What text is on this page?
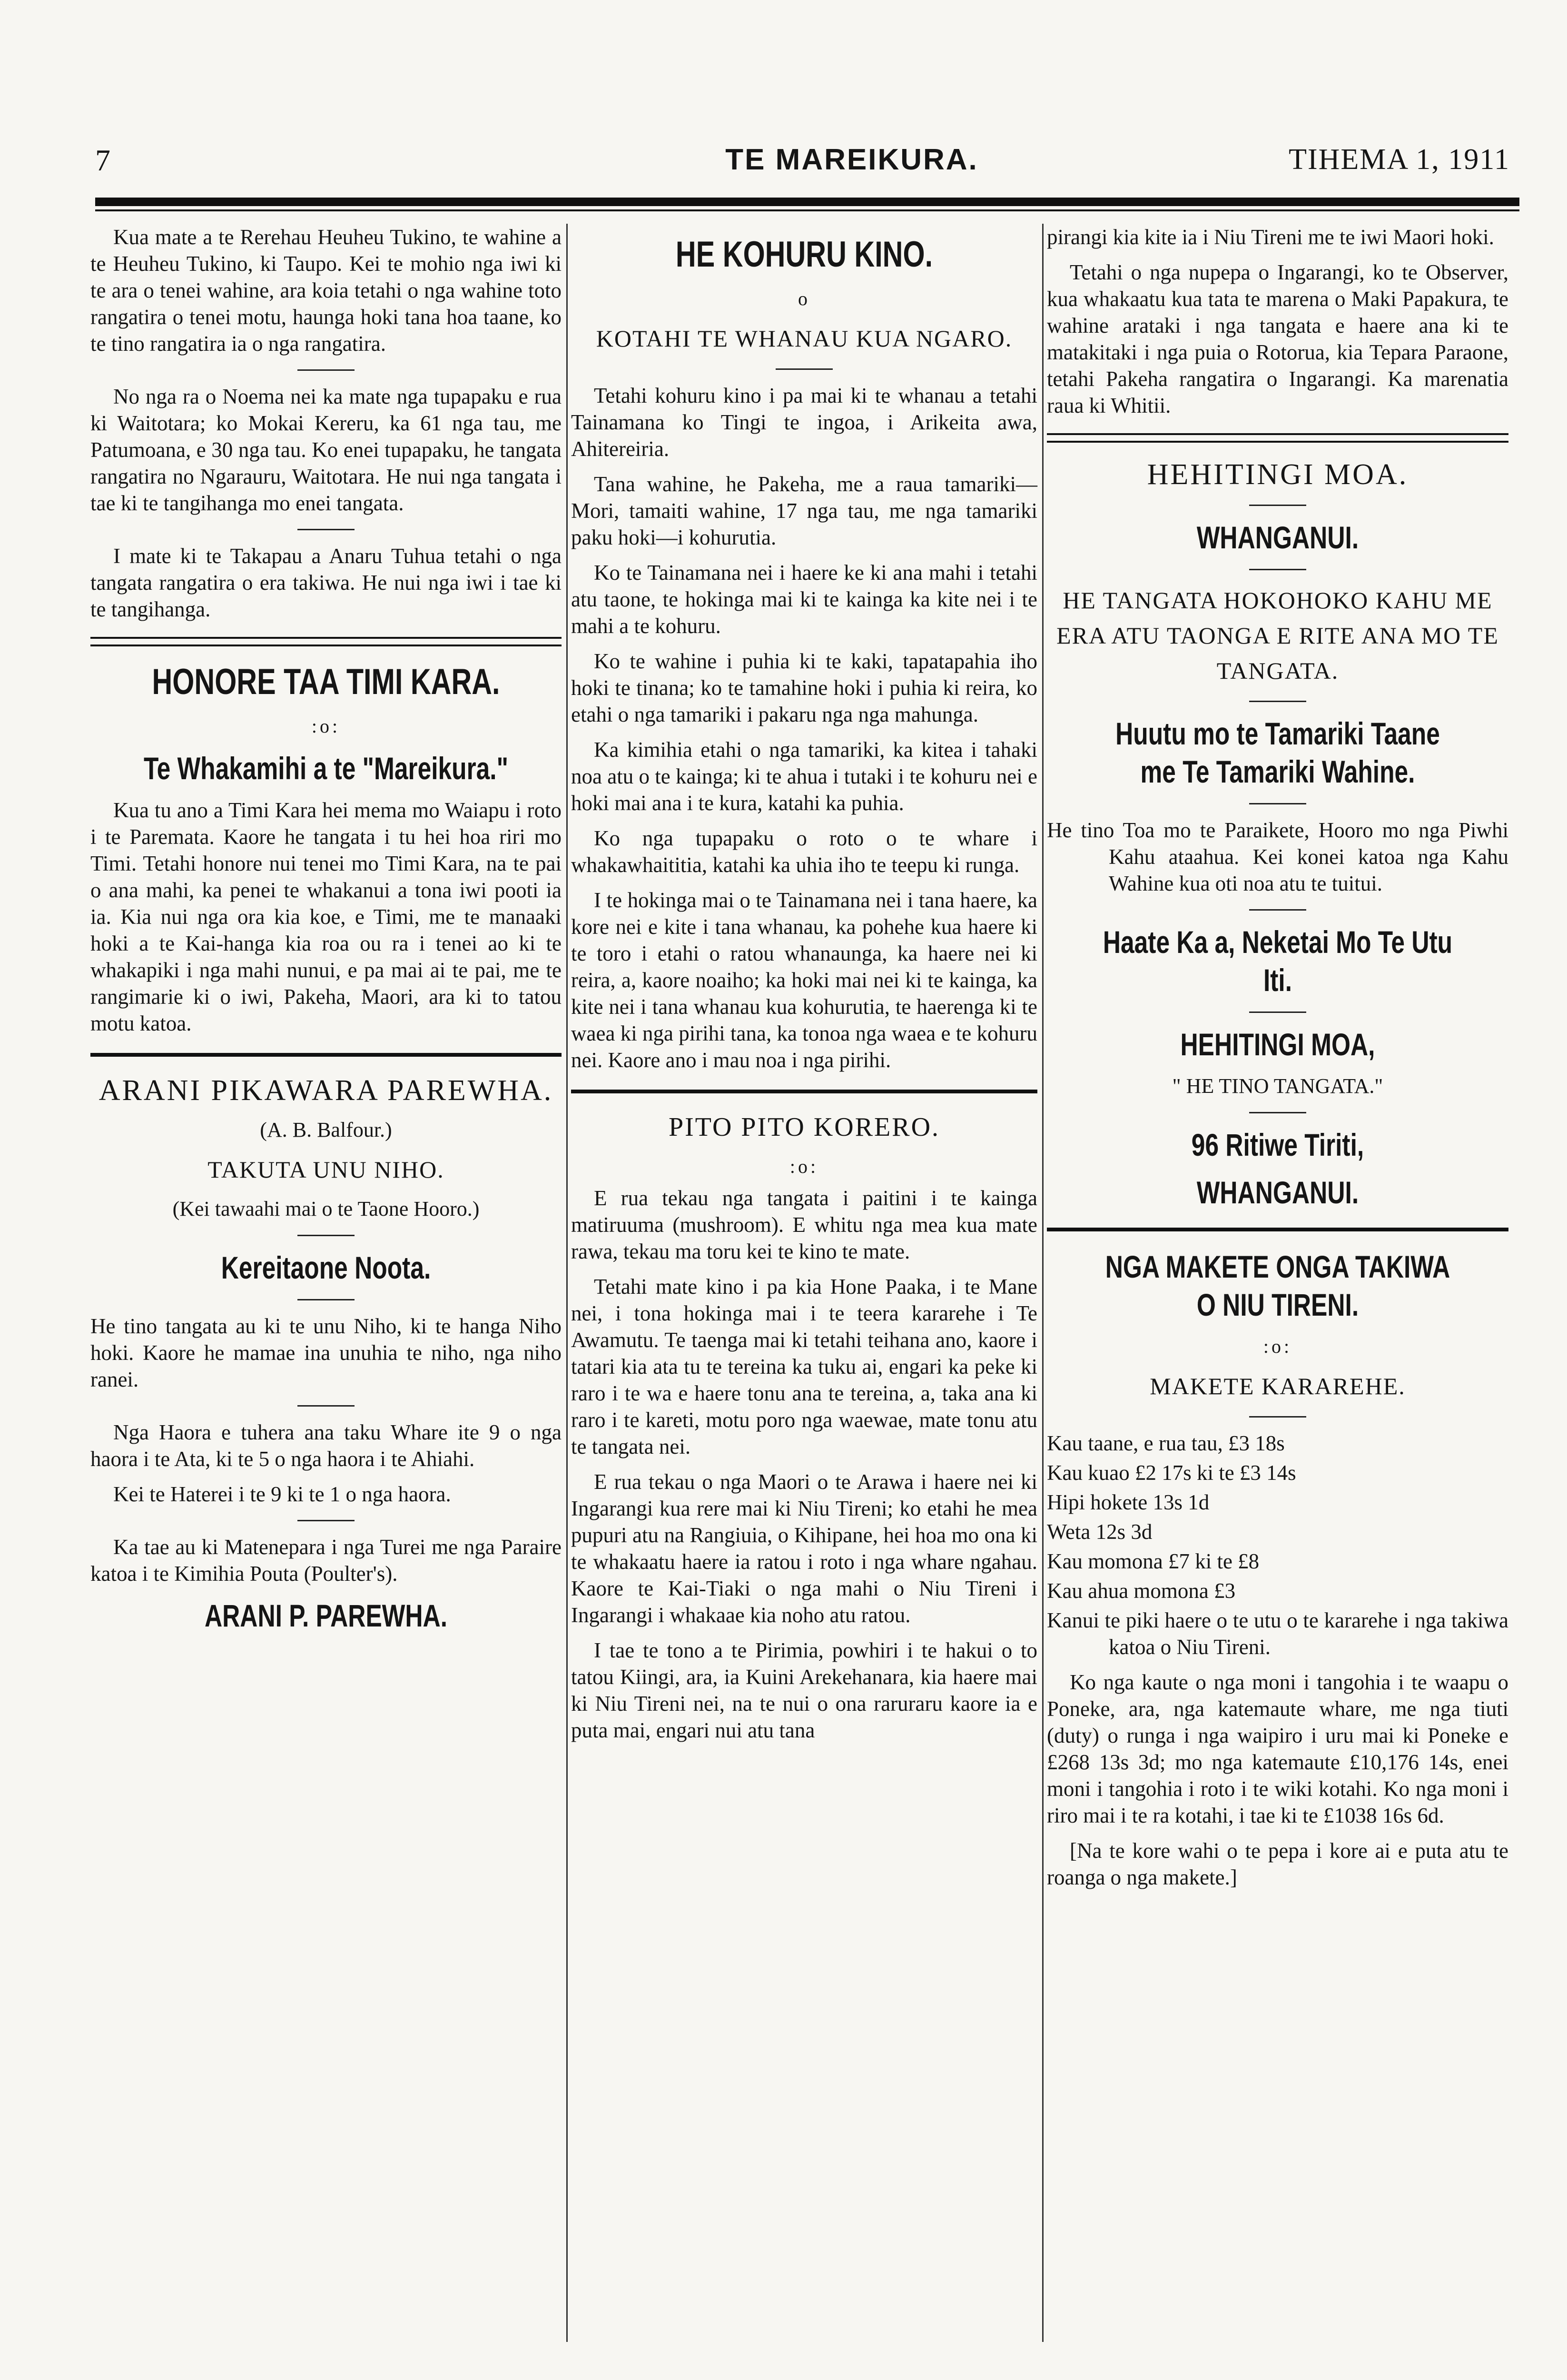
7	TE MAREIKURA.	TIHEMA 1, 1911

Kua mate a te Rerehau Heuheu Tukino, te wahine a te Heuheu Tukino, ki Taupo. Kei te mohio nga iwi ki te ara o tenei wahine, ara koia tetahi o nga wahine toto rangatira o tenei motu, haunga hoki tana hoa taane, ko te tino rangatira ia o nga rangatira.

No nga ra o Noema nei ka mate nga tupapaku e rua ki Waitotara; ko Mokai Kereru, ka 61 nga tau, me Patumoana, e 30 nga tau. Ko enei tupapaku, he tangata rangatira no Ngarauru, Waitotara. He nui nga tangata i tae ki te tangihanga mo enei tangata.

I mate ki te Takapau a Anaru Tuhua tetahi o nga tangata rangatira o era takiwa. He nui nga iwi i tae ki te tangihanga.

HONORE TAA TIMI KARA.
:o:
Te Whakamihi a te "Mareikura."

Kua tu ano a Timi Kara hei mema mo Waiapu i roto i te Paremata. Kaore he tangata i tu hei hoa riri mo Timi. Tetahi honore nui tenei mo Timi Kara, na te pai o ana mahi, ka penei te whakanui a tona iwi pooti ia ia. Kia nui nga ora kia koe, e Timi, me te manaaki hoki a te Kai-hanga kia roa ou ra i tenei ao ki te whakapiki i nga mahi nunui, e pa mai ai te pai, me te rangimarie ki o iwi, Pakeha, Maori, ara ki to tatou motu katoa.

ARANI PIKAWARA PAREWHA.
(A. B. Balfour.)
TAKUTA UNU NIHO.
(Kei tawaahi mai o te Taone Hooro.)
Kereitaone Noota.

He tino tangata au ki te unu Niho, ki te hanga Niho hoki. Kaore he mamae ina unuhia te niho, nga niho ranei.

Nga Haora e tuhera ana taku Whare ite 9 o nga haora i te Ata, ki te 5 o nga haora i te Ahiahi.

Kei te Haterei i te 9 ki te 1 o nga haora.

Ka tae au ki Matenepara i nga Turei me nga Paraire katoa i te Kimihia Pouta (Poulter's).

ARANI P. PAREWHA.
HE KOHURU KINO.
o
KOTAHI TE WHANAU KUA NGARO.

Tetahi kohuru kino i pa mai ki te whanau a tetahi Tainamana ko Tingi te ingoa, i Arikeita awa, Ahitereiria.

Tana wahine, he Pakeha, me a raua tamariki—Mori, tamaiti wahine, 17 nga tau, me nga tamariki paku hoki—i kohurutia.

Ko te Tainamana nei i haere ke ki ana mahi i tetahi atu taone, te hokinga mai ki te kainga ka kite nei i te mahi a te kohuru.

Ko te wahine i puhia ki te kaki, tapatapahia iho hoki te tinana; ko te tamahine hoki i puhia ki reira, ko etahi o nga tamariki i pakaru nga nga mahunga.

Ka kimihia etahi o nga tamariki, ka kitea i tahaki noa atu o te kainga; ki te ahua i tutaki i te kohuru nei e hoki mai ana i te kura, katahi ka puhia.

Ko nga tupapaku o roto o te whare i whakawhaititia, katahi ka uhia iho te teepu ki runga.

I te hokinga mai o te Tainamana nei i tana haere, ka kore nei e kite i tana whanau, ka pohehe kua haere ki te toro i etahi o ratou whanaunga, ka haere nei ki reira, a, kaore noaiho; ka hoki mai nei ki te kainga, ka kite nei i tana whanau kua kohurutia, te haerenga ki te waea ki nga pirihi tana, ka tonoa nga waea e te kohuru nei. Kaore ano i mau noa i nga pirihi.

PITO PITO KORERO.
:o:

E rua tekau nga tangata i paitini i te kainga matiruuma (mushroom). E whitu nga mea kua mate rawa, tekau ma toru kei te kino te mate.

Tetahi mate kino i pa kia Hone Paaka, i te Mane nei, i tona hokinga mai i te teera kararehe i Te Awamutu. Te taenga mai ki tetahi teihana ano, kaore i tatari kia ata tu te tereina ka tuku ai, engari ka peke ki raro i te wa e haere tonu ana te tereina, a, taka ana ki raro i te kareti, motu poro nga waewae, mate tonu atu te tangata nei.

E rua tekau o nga Maori o te Arawa i haere nei ki Ingarangi kua rere mai ki Niu Tireni; ko etahi he mea pupuri atu na Rangiuia, o Kihipane, hei hoa mo ona ki te whakaatu haere ia ratou i roto i nga whare ngahau. Kaore te Kai-Tiaki o nga mahi o Niu Tireni i Ingarangi i whakaae kia noho atu ratou.

I tae te tono a te Pirimia, powhiri i te hakui o to tatou Kiingi, ara, ia Kuini Arekehanara, kia haere mai ki Niu Tireni nei, na te nui o ona raruraru kaore ia e puta mai, engari nui atu tana

pirangi kia kite ia i Niu Tireni me te iwi Maori hoki.

Tetahi o nga nupepa o Ingarangi, ko te Observer, kua whakaatu kua tata te marena o Maki Papakura, te wahine arataki i nga tangata e haere ana ki te matakitaki i nga puia o Rotorua, kia Tepara Paraone, tetahi Pakeha rangatira o Ingarangi. Ka marenatia raua ki Whitii.

HEHITINGI MOA.
WHANGANUI.
HE TANGATA HOKOHOKO KAHU ME ERA ATU TAONGA E RITE ANA MO TE TANGATA.
Huutu mo te Tamariki Taane me Te Tamariki Wahine.

He tino Toa mo te Paraikete, Hooro mo nga Piwhi Kahu ataahua. Kei konei katoa nga Kahu Wahine kua oti noa atu te tuitui.

Haate Ka a, Neketai Mo Te Utu Iti.
HEHITINGI MOA,
" HE TINO TANGATA."
96 Ritiwe Tiriti,
WHANGANUI.
NGA MAKETE ONGA TAKIWA O NIU TIRENI.
:o:
MAKETE KARAREHE.

Kau taane, e rua tau, £3 18s

Kau kuao £2 17s ki te £3 14s

Hipi hokete 13s 1d

Weta 12s 3d

Kau momona £7 ki te £8

Kau ahua momona £3

Kanui te piki haere o te utu o te kararehe i nga takiwa katoa o Niu Tireni.

Ko nga kaute o nga moni i tangohia i te waapu o Poneke, ara, nga katemaute whare, me nga tiuti (duty) o runga i nga waipiro i uru mai ki Poneke e £268 13s 3d; mo nga katemaute £10,176 14s, enei moni i tangohia i roto i te wiki kotahi. Ko nga moni i riro mai i te ra kotahi, i tae ki te £1038 16s 6d.

[Na te kore wahi o te pepa i kore ai e puta atu te roanga o nga makete.]
